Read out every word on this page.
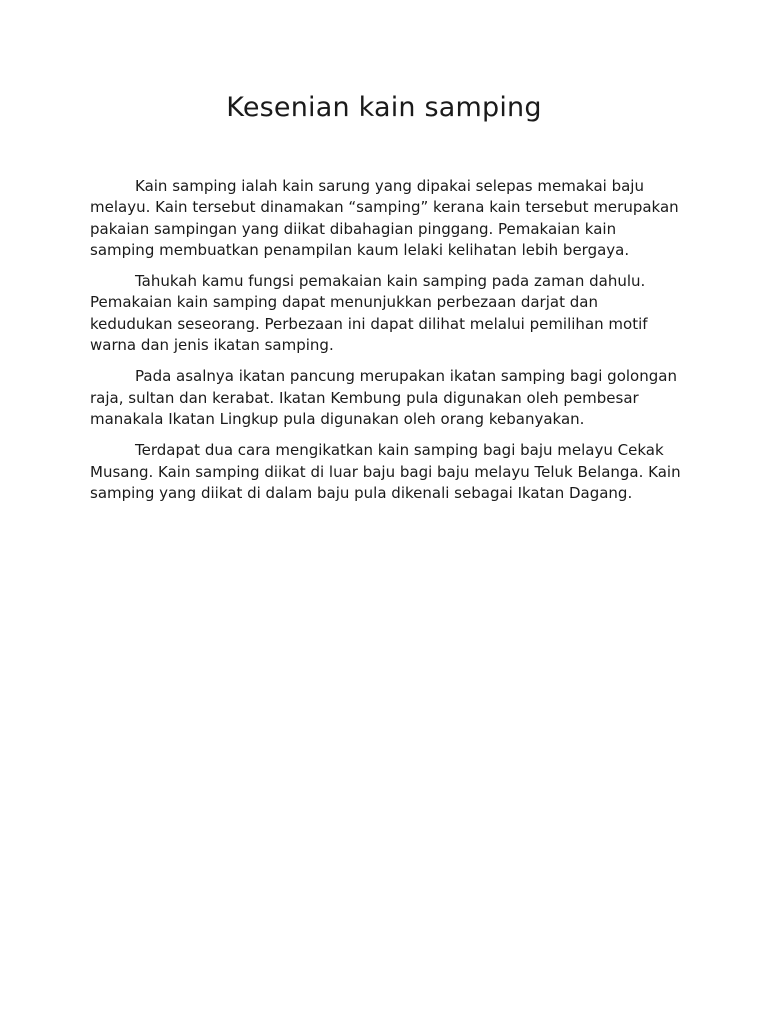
Kesenian kain samping

Kain samping ialah kain sarung yang dipakai selepas memakai baju melayu. Kain tersebut dinamakan “samping” kerana kain tersebut merupakan pakaian sampingan yang diikat dibahagian pinggang. Pemakaian kain samping membuatkan penampilan kaum lelaki kelihatan lebih bergaya.

Tahukah kamu fungsi pemakaian kain samping pada zaman dahulu. Pemakaian kain samping dapat menunjukkan perbezaan darjat dan kedudukan seseorang. Perbezaan ini dapat dilihat melalui pemilihan motif warna dan jenis ikatan samping.

Pada asalnya ikatan pancung merupakan ikatan samping bagi golongan raja, sultan dan kerabat. Ikatan Kembung pula digunakan oleh pembesar manakala Ikatan Lingkup pula digunakan oleh orang kebanyakan.

Terdapat dua cara mengikatkan kain samping bagi baju melayu Cekak Musang. Kain samping diikat di luar baju bagi baju melayu Teluk Belanga. Kain samping yang diikat di dalam baju pula dikenali sebagai Ikatan Dagang.
